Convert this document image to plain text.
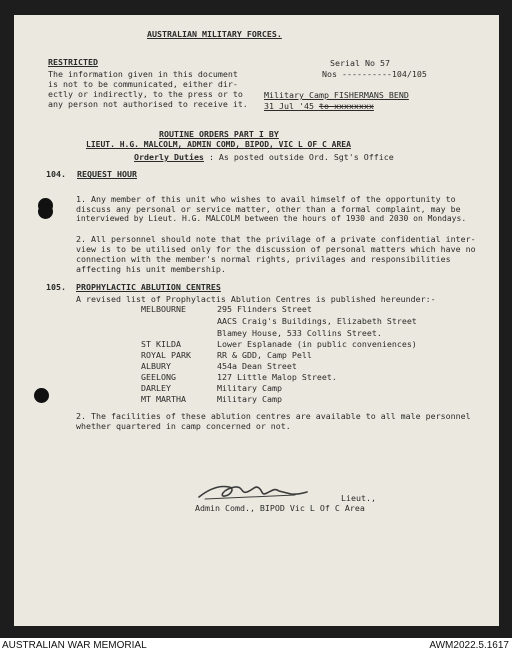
AUSTRALIAN MILITARY FORCES.
RESTRICTED
The information given in this document
is not to be communicated, either dir-
ectly or indirectly, to the press or to
any person not authorised to receive it.
Serial No 57
Nos ----------104/105
Military Camp FISHERMANS BEND
31 Jul '45 to xxxxxxxx
ROUTINE ORDERS PART I BY
LIEUT. H.G. MALCOLM, ADMIN COMD, BIPOD, VIC L OF C AREA
Orderly Duties : As posted outside Ord. Sgt's Office
104. REQUEST HOUR
1. Any member of this unit who wishes to avail himself of the opportunity to
discuss any personal or service matter, other than a formal complaint, may be
interviewed by Lieut. H.G. MALCOLM between the hours of 1930 and 2030 on Mondays.
2. All personnel should note that the privilage of a private confidential inter-
view is to be utilised only for the discussion of personal matters which have no
connection with the member's normal rights, privilages and responsibilities
affecting his unit membership.
105. PROPHYLACTIC ABLUTION CENTRES
A revised list of Prophylactis Ablution Centres is published hereunder:-
MELBOURNE	295 Flinders Street
AACS Craig's Buildings, Elizabeth Street
Blamey House, 533 Collins Street.
ST KILDA	Lower Esplanade (in public conveniences)
ROYAL PARK	RR & GDD, Camp Pell
ALBURY	454a Dean Street
GEELONG	127 Little Malop Street.
DARLEY	Military Camp
MT MARTHA	Military Camp
2. The facilities of these ablution centres are available to all male personnel
whether quartered in camp concerned or not.
Lieut.,
Admin Comd., BIPOD Vic L Of C Area
AUSTRALIAN WAR MEMORIAL	AWM2022.5.1617
